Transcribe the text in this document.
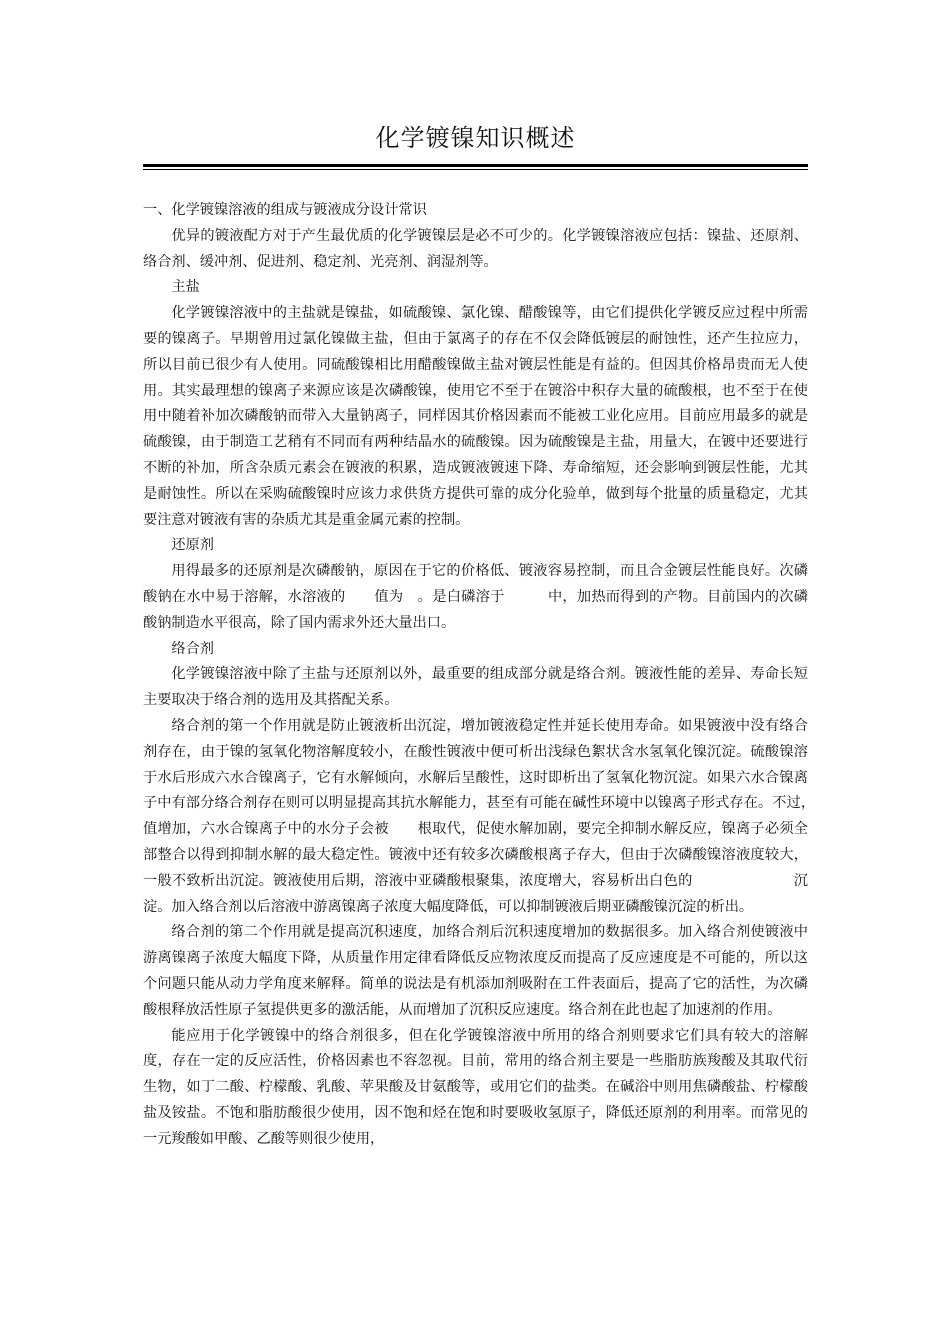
化学镀镍知识概述

一、化学镀镍溶液的组成与镀液成分设计常识

优异的镀液配方对于产生最优质的化学镀镍层是必不可少的。化学镀镍溶液应包括：镍盐、还原剂、络合剂、缓冲剂、促进剂、稳定剂、光亮剂、润湿剂等。

主盐

化学镀镍溶液中的主盐就是镍盐，如硫酸镍、氯化镍、醋酸镍等，由它们提供化学镀反应过程中所需要的镍离子。早期曾用过氯化镍做主盐，但由于氯离子的存在不仅会降低镀层的耐蚀性，还产生拉应力，所以目前已很少有人使用。同硫酸镍相比用醋酸镍做主盐对镀层性能是有益的。但因其价格昂贵而无人使用。其实最理想的镍离子来源应该是次磷酸镍，使用它不至于在镀浴中积存大量的硫酸根，也不至于在使用中随着补加次磷酸钠而带入大量钠离子，同样因其价格因素而不能被工业化应用。目前应用最多的就是硫酸镍，由于制造工艺稍有不同而有两种结晶水的硫酸镍。因为硫酸镍是主盐，用量大，在镀中还要进行不断的补加，所含杂质元素会在镀液的积累，造成镀液镀速下降、寿命缩短，还会影响到镀层性能，尤其是耐蚀性。所以在采购硫酸镍时应该力求供货方提供可靠的成分化验单，做到每个批量的质量稳定，尤其要注意对镀液有害的杂质尤其是重金属元素的控制。

还原剂

用得最多的还原剂是次磷酸钠，原因在于它的价格低、镀液容易控制，而且合金镀层性能良好。次磷酸钠在水中易于溶解，水溶液的　　值为　。是白磷溶于　　　中，加热而得到的产物。目前国内的次磷酸钠制造水平很高，除了国内需求外还大量出口。

络合剂

化学镀镍溶液中除了主盐与还原剂以外，最重要的组成部分就是络合剂。镀液性能的差异、寿命长短主要取决于络合剂的选用及其搭配关系。

络合剂的第一个作用就是防止镀液析出沉淀，增加镀液稳定性并延长使用寿命。如果镀液中没有络合剂存在，由于镍的氢氧化物溶解度较小，在酸性镀液中便可析出浅绿色絮状含水氢氧化镍沉淀。硫酸镍溶于水后形成六水合镍离子，它有水解倾向，水解后呈酸性，这时即析出了氢氧化物沉淀。如果六水合镍离子中有部分络合剂存在则可以明显提高其抗水解能力，甚至有可能在碱性环境中以镍离子形式存在。不过，　　值增加，六水合镍离子中的水分子会被　　根取代，促使水解加剧，要完全抑制水解反应，镍离子必须全部整合以得到抑制水解的最大稳定性。镀液中还有较多次磷酸根离子存大，但由于次磷酸镍溶液度较大，一般不致析出沉淀。镀液使用后期，溶液中亚磷酸根聚集，浓度增大，容易析出白色的　　　　　　　沉淀。加入络合剂以后溶液中游离镍离子浓度大幅度降低，可以抑制镀液后期亚磷酸镍沉淀的析出。

络合剂的第二个作用就是提高沉积速度，加络合剂后沉积速度增加的数据很多。加入络合剂使镀液中游离镍离子浓度大幅度下降，从质量作用定律看降低反应物浓度反而提高了反应速度是不可能的，所以这个问题只能从动力学角度来解释。简单的说法是有机添加剂吸附在工件表面后，提高了它的活性，为次磷酸根释放活性原子氢提供更多的激活能，从而增加了沉积反应速度。络合剂在此也起了加速剂的作用。

能应用于化学镀镍中的络合剂很多，但在化学镀镍溶液中所用的络合剂则要求它们具有较大的溶解度，存在一定的反应活性，价格因素也不容忽视。目前，常用的络合剂主要是一些脂肪族羧酸及其取代衍生物，如丁二酸、柠檬酸、乳酸、苹果酸及甘氨酸等，或用它们的盐类。在碱浴中则用焦磷酸盐、柠檬酸盐及铵盐。不饱和脂肪酸很少使用，因不饱和烃在饱和时要吸收氢原子，降低还原剂的利用率。而常见的一元羧酸如甲酸、乙酸等则很少使用，
